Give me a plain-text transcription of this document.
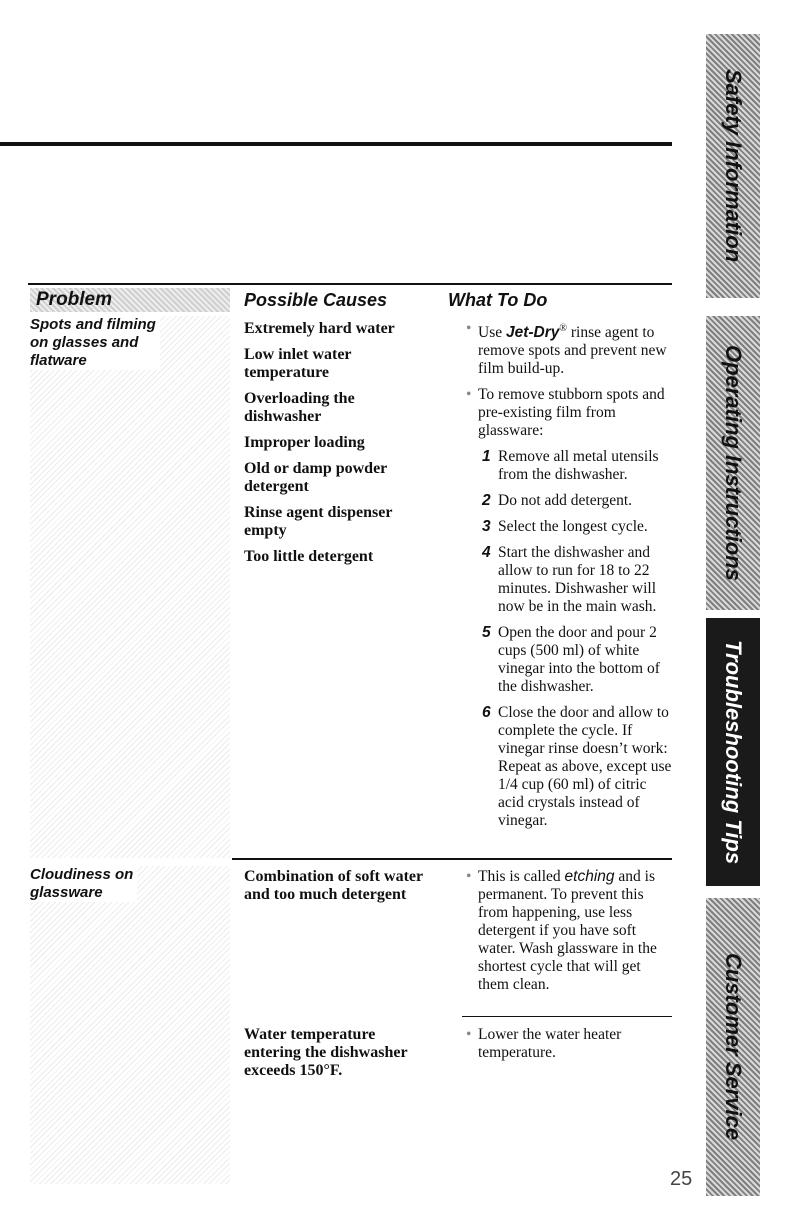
Problem	Possible Causes	What To Do
Spots and filming
on glasses and
flatware

Extremely hard water

Low inlet water temperature

Overloading the dishwasher

Improper loading

Old or damp powder detergent

Rinse agent dispenser empty

Too little detergent

• Use Jet-Dry® rinse agent to remove spots and prevent new film build-up.
• To remove stubborn spots and pre-existing film from glassware:
1 Remove all metal utensils from the dishwasher.
2 Do not add detergent.
3 Select the longest cycle.
4 Start the dishwasher and allow to run for 18 to 22 minutes. Dishwasher will now be in the main wash.
5 Open the door and pour 2 cups (500 ml) of white vinegar into the bottom of the dishwasher.
6 Close the door and allow to complete the cycle. If vinegar rinse doesn’t work: Repeat as above, except use 1/4 cup (60 ml) of citric acid crystals instead of vinegar.
Cloudiness on
glassware

Combination of soft water and too much detergent

• This is called etching and is permanent. To prevent this from happening, use less detergent if you have soft water. Wash glassware in the shortest cycle that will get them clean.

Water temperature entering the dishwasher exceeds 150°F.

• Lower the water heater temperature.
Safety Information
Operating Instructions
Troubleshooting Tips
Customer Service
25
